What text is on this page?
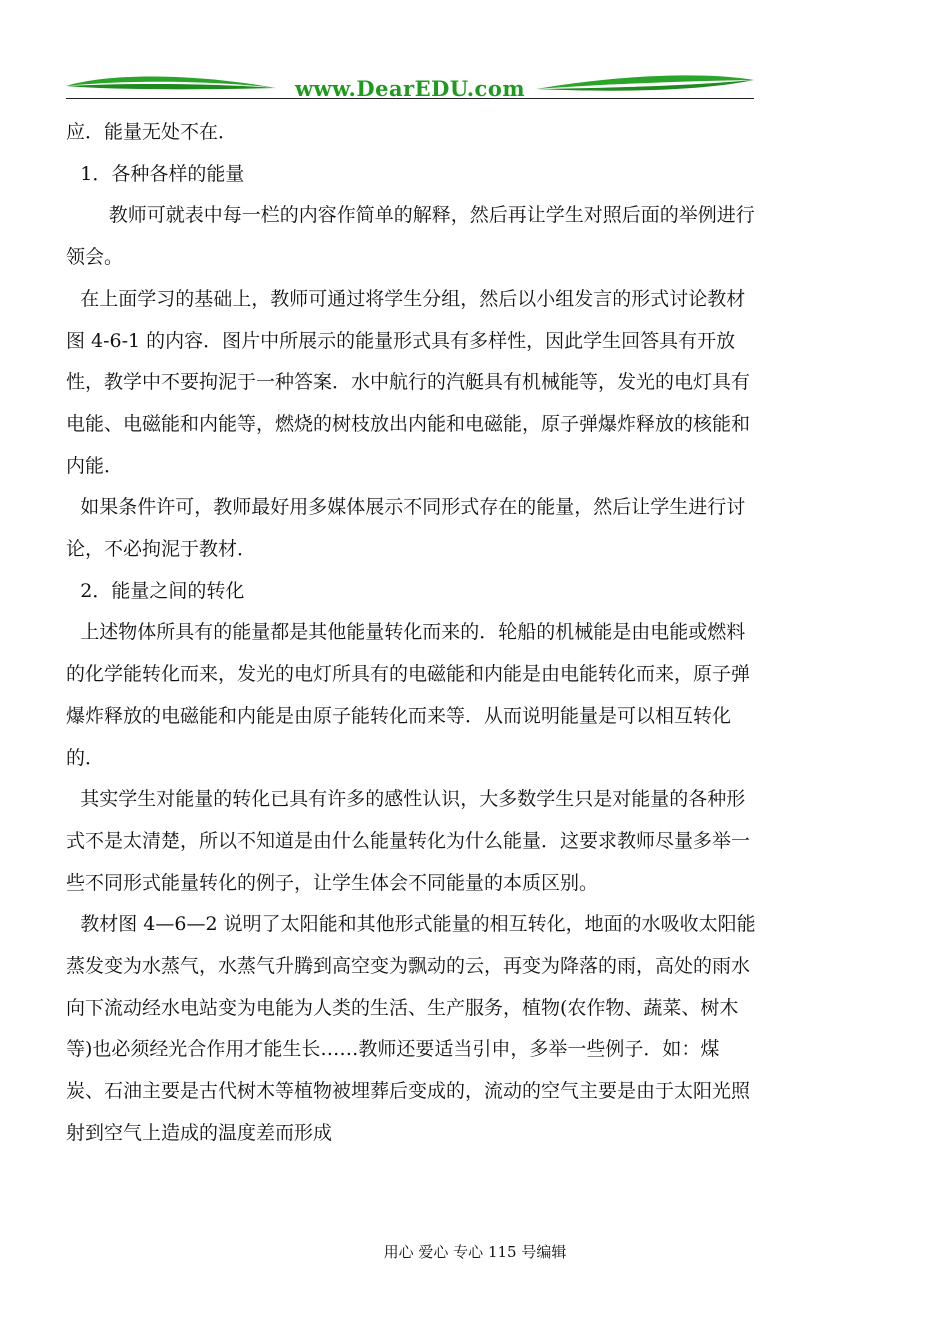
www.DearEDU.com

应．能量无处不在．

1．各种各样的能量

教师可就表中每一栏的内容作简单的解释，然后再让学生对照后面的举例进行领会。

在上面学习的基础上，教师可通过将学生分组，然后以小组发言的形式讨论教材图 4-6-1 的内容．图片中所展示的能量形式具有多样性，因此学生回答具有开放性，教学中不要拘泥于一种答案．水中航行的汽艇具有机械能等，发光的电灯具有电能、电磁能和内能等，燃烧的树枝放出内能和电磁能，原子弹爆炸释放的核能和内能．

如果条件许可，教师最好用多媒体展示不同形式存在的能量，然后让学生进行讨论，不必拘泥于教材．

2．能量之间的转化

上述物体所具有的能量都是其他能量转化而来的．轮船的机械能是由电能或燃料的化学能转化而来，发光的电灯所具有的电磁能和内能是由电能转化而来，原子弹爆炸释放的电磁能和内能是由原子能转化而来等．从而说明能量是可以相互转化的．

其实学生对能量的转化已具有许多的感性认识，大多数学生只是对能量的各种形式不是太清楚，所以不知道是由什么能量转化为什么能量．这要求教师尽量多举一些不同形式能量转化的例子，让学生体会不同能量的本质区别。

教材图 4—6—2 说明了太阳能和其他形式能量的相互转化，地面的水吸收太阳能蒸发变为水蒸气，水蒸气升腾到高空变为飘动的云，再变为降落的雨，高处的雨水向下流动经水电站变为电能为人类的生活、生产服务，植物(农作物、蔬菜、树木等)也必须经光合作用才能生长……教师还要适当引申，多举一些例子．如：煤炭、石油主要是古代树木等植物被埋葬后变成的，流动的空气主要是由于太阳光照射到空气上造成的温度差而形成

用心 爱心 专心 115 号编辑
